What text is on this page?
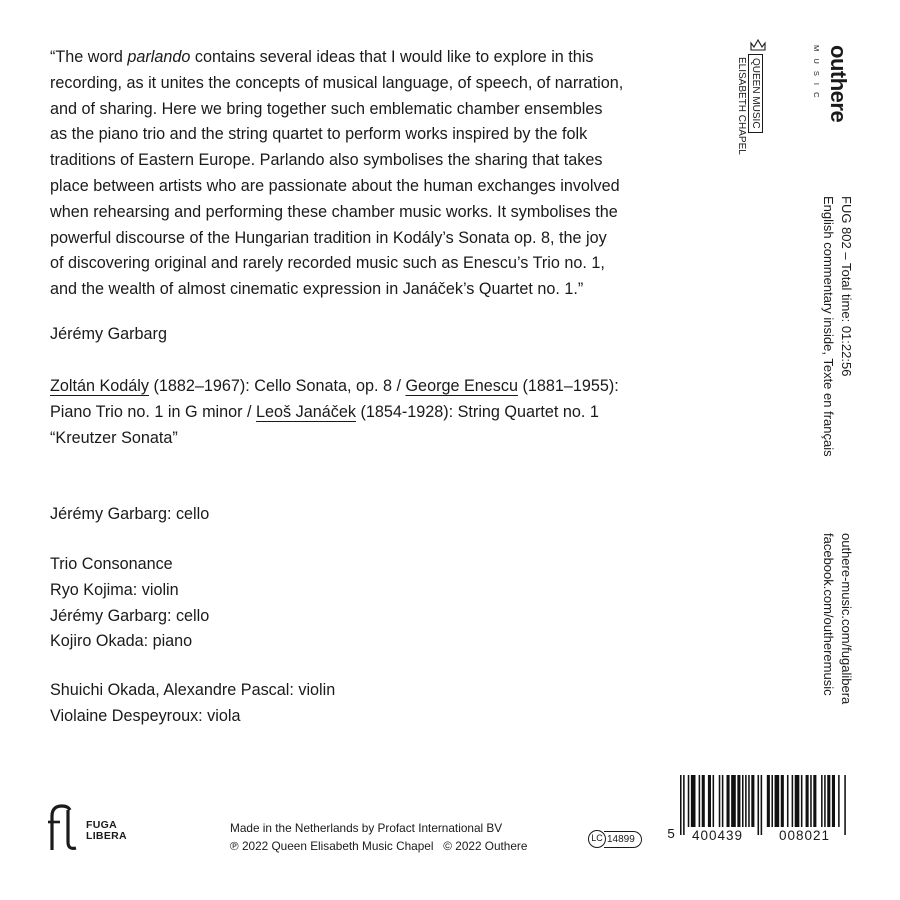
“The word parlando contains several ideas that I would like to explore in this
recording, as it unites the concepts of musical language, of speech, of narration,
and of sharing. Here we bring together such emblematic chamber ensembles
as the piano trio and the string quartet to perform works inspired by the folk
traditions of Eastern Europe. Parlando also symbolises the sharing that takes
place between artists who are passionate about the human exchanges involved
when rehearsing and performing these chamber music works. It symbolises the
powerful discourse of the Hungarian tradition in Kodály’s Sonata op. 8, the joy
of discovering original and rarely recorded music such as Enescu’s Trio no. 1,
and the wealth of almost cinematic expression in Janáček’s Quartet no. 1.”
Jérémy Garbarg
Zoltán Kodály (1882–1967): Cello Sonata, op. 8 / George Enescu (1881–1955):
Piano Trio no. 1 in G minor / Leoš Janáček (1854-1928): String Quartet no. 1
“Kreutzer Sonata”
Jérémy Garbarg: cello
Trio Consonance
Ryo Kojima: violin
Jérémy Garbarg: cello
Kojiro Okada: piano
Shuichi Okada, Alexandre Pascal: violin
Violaine Despeyroux: viola
FUGA
LIBERA
Made in the Netherlands by Profact International BV
℗ 2022 Queen Elisabeth Music Chapel   © 2022 Outhere
LC 14899	5 400439	008021
outhere
M U S I C
QUEEN MUSIC
ELISABETH CHAPEL
FUG 802 – Total time: 01:22:56
English commentary inside, Texte en français
outhere-music.com/fugalibera
facebook.com/outheremusic
